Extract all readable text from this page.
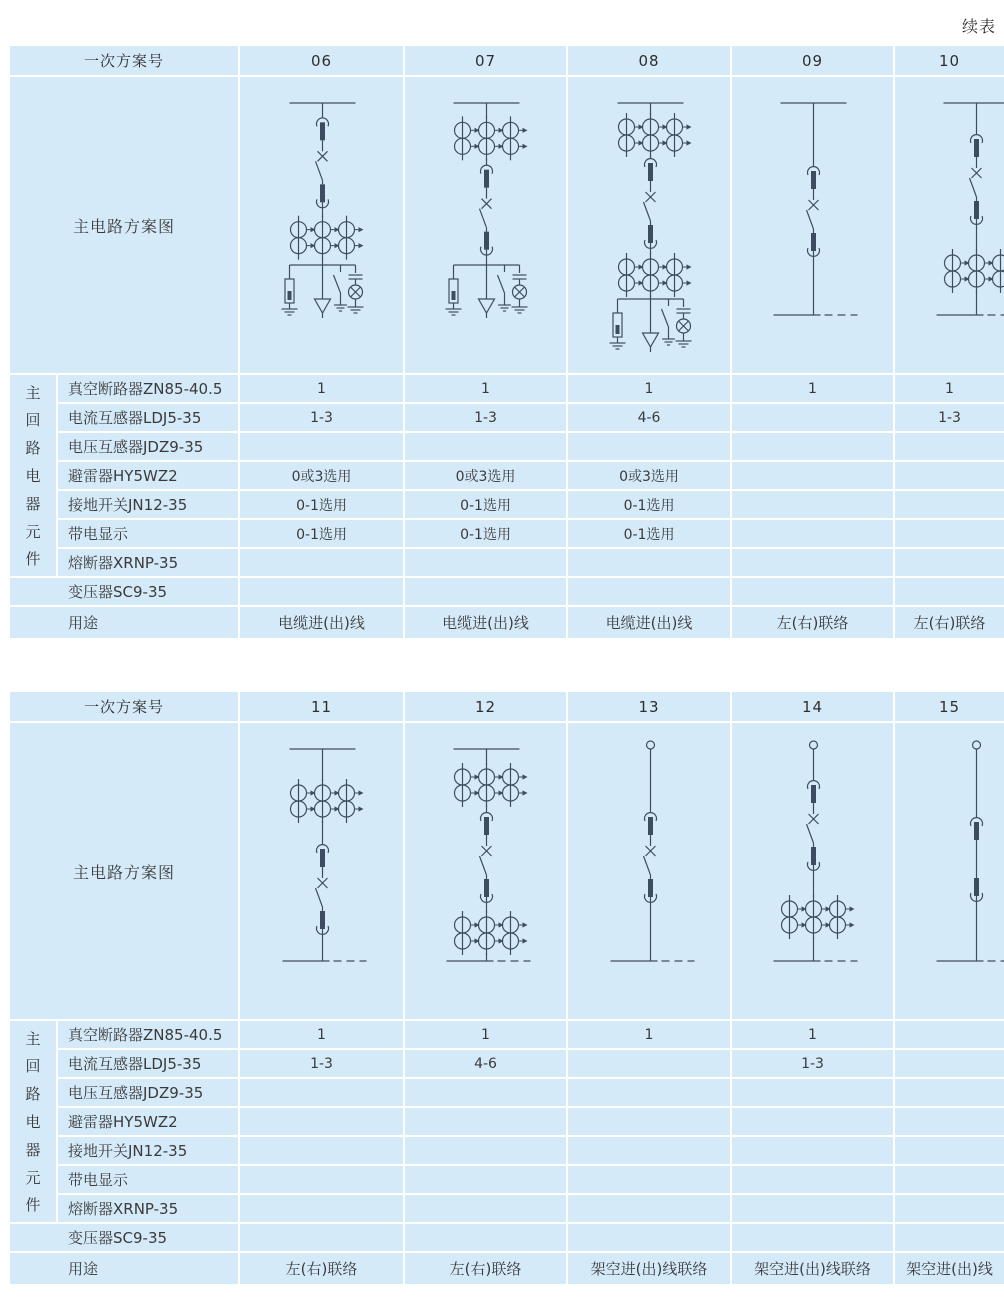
续表
一次方案号		06	07	08	09	10
主电路方案图	

主
回
路
电
器
元
件
	真空断路器ZN85-40.5	1	1	1	1	1
	电流互感器LDJ5-35	1-3	1-3	4-6		1-3
	电压互感器JDZ9-35					
	避雷器HY5WZ2	0或3选用	0或3选用	0或3选用		
	接地开关JN12-35	0-1选用	0-1选用	0-1选用		
	带电显示	0-1选用	0-1选用	0-1选用		
	熔断器XRNP-35					
变压器SC9-35						
用途		电缆进(出)线	电缆进(出)线	电缆进(出)线	左(右)联络	左(右)联络
一次方案号		11	12	13	14	15
主电路方案图	

主
回
路
电
器
元
件
	真空断路器ZN85-40.5	1	1	1	1	
	电流互感器LDJ5-35	1-3	4-6		1-3	
	电压互感器JDZ9-35					
	避雷器HY5WZ2					
	接地开关JN12-35					
	带电显示					
	熔断器XRNP-35					
变压器SC9-35						
用途		左(右)联络	左(右)联络	架空进(出)线联络	架空进(出)线联络	架空进(出)线
